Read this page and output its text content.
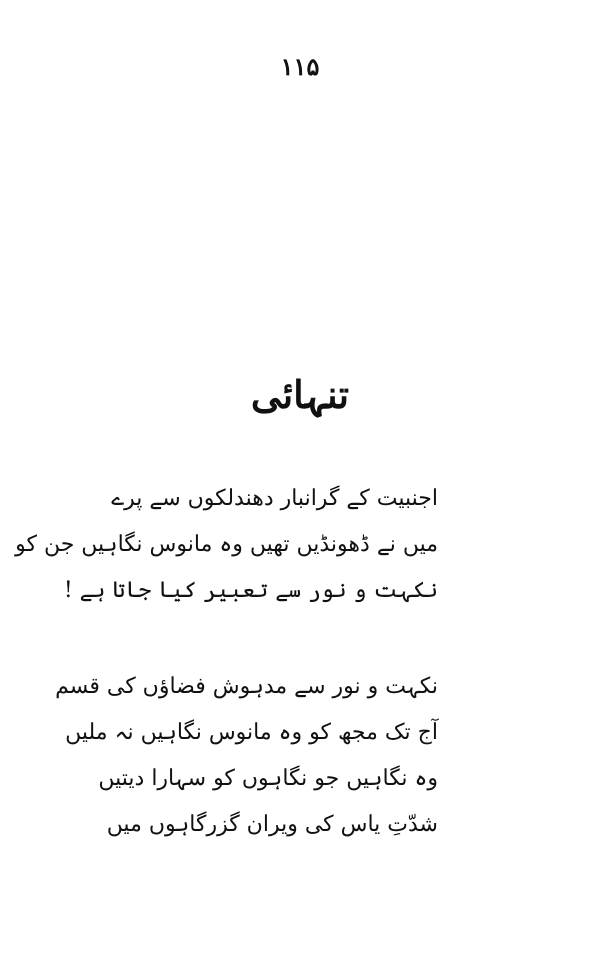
۱۱۵
تنہائی
اجنبیت کے گرانبار دھندلکوں سے پرے
میں نے ڈھونڈیں تھیں وہ مانوس نگاہیں جن کو
نکہت و نور سے تعبیر کیا جاتا ہے !
نکہت و نور سے مدہوش فضاؤں کی قسم
آج تک مجھ کو وہ مانوس نگاہیں نہ ملیں
وہ نگاہیں جو نگاہوں کو سہارا دیتیں
شدّتِ یاس کی ویران گزرگاہوں میں
